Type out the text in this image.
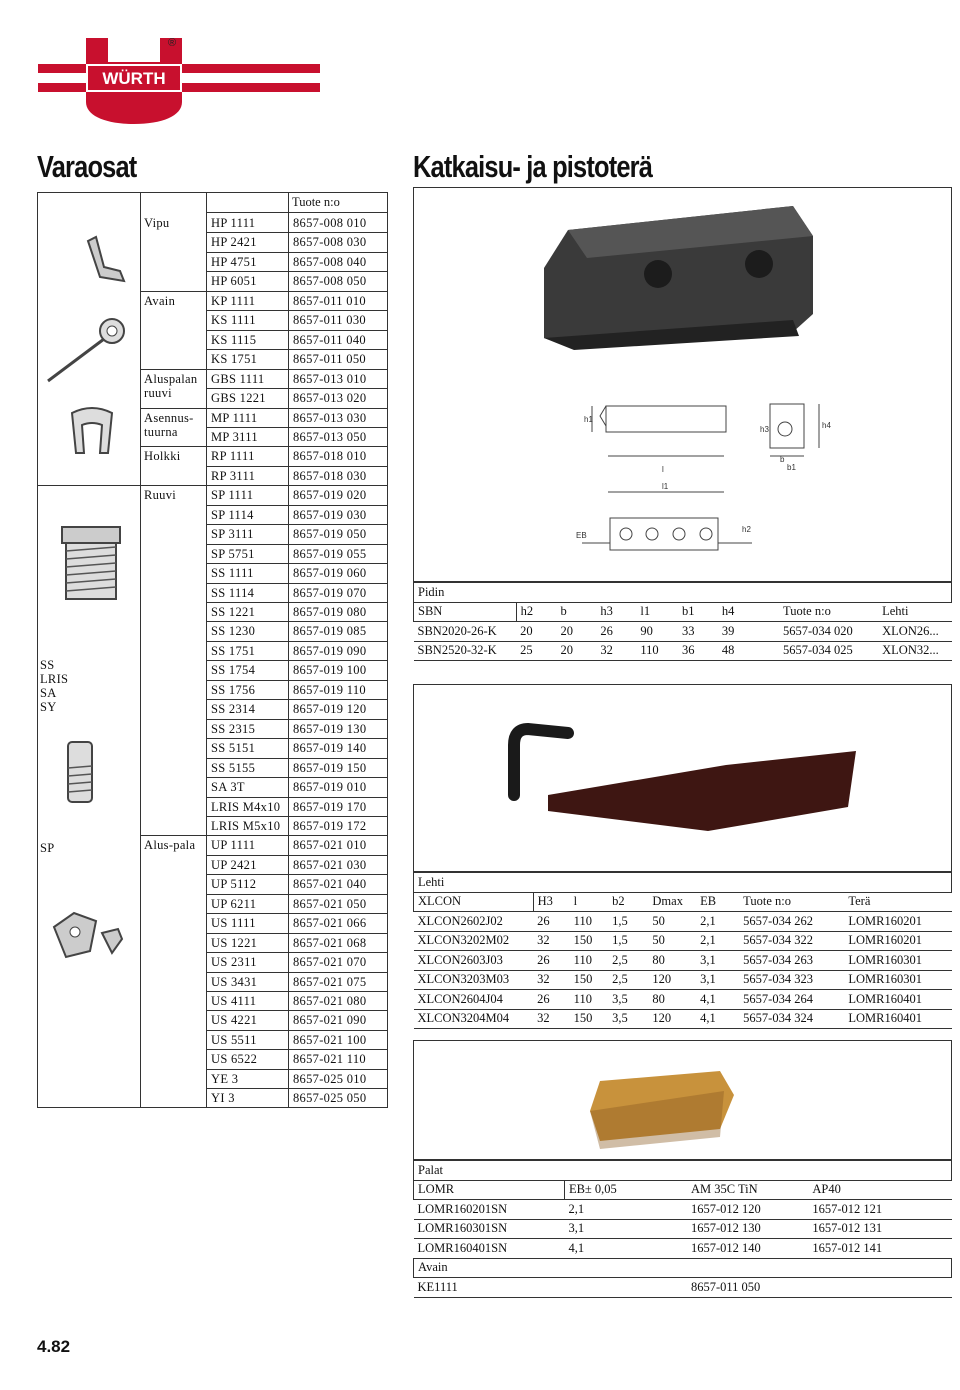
WÜRTH
®
Varaosat	Katkaisu- ja pistoterä
Tuote n:o
SS LRIS SA SY
SP
Vipu	HP 1111	8657-008 010
HP 2421	8657-008 030
HP 4751	8657-008 040
HP 6051	8657-008 050
Avain	KP 1111	8657-011 010
KS 1111	8657-011 030
KS 1115	8657-011 040
KS 1751	8657-011 050
Aluspalan ruuvi
GBS 1111 8657-013 010
GBS 1221 8657-013 020
Asennus-tuurna
MP 1111	8657-013 030
MP 3111	8657-013 050
Holkki	RP 1111	8657-018 010
RP 3111	8657-018 030
Ruuvi	SP 1111	8657-019 020
SP 1114	8657-019 030
SP 3111	8657-019 050
SP 5751	8657-019 055
SS 1111	8657-019 060
SS 1114	8657-019 070
SS 1221	8657-019 080
SS 1230	8657-019 085
SS 1751	8657-019 090
SS 1754	8657-019 100
SS 1756	8657-019 110
SS 2314	8657-019 120
SS 2315	8657-019 130
SS 5151	8657-019 140
SS 5155	8657-019 150
SA 3T	8657-019 010
LRIS M4x10 8657-019 170
LRIS M5x10 8657-019 172
Alus-pala	UP 1111	8657-021 010
UP 2421	8657-021 030
UP 5112	8657-021 040
UP 6211	8657-021 050
US 1111	8657-021 066
US 1221	8657-021 068
US 2311	8657-021 070
US 3431	8657-021 075
US 4111	8657-021 080
US 4221	8657-021 090
US 5511	8657-021 100
US 6522	8657-021 110
YE 3	8657-025 010
YI 3	8657-025 050
h1
l
l1
EB
h2
h3	h4
b
b1
Pidin								
SBN	h2	b	h3	l1	b1	h4	Tuote n:o	Lehti
SBN2020-26-K	20	20	26	90	33	39	5657-034 020	XLON26...
SBN2520-32-K	25	20	32	110	36	48	5657-034 025	XLON32...
Lehti							
XLCON	H3	l	b2	Dmax	EB	Tuote n:o	Terä
XLCON2602J02	26	110	1,5	50	2,1	5657-034 262	LOMR160201
XLCON3202M02	32	150	1,5	50	2,1	5657-034 322	LOMR160201
XLCON2603J03	26	110	2,5	80	3,1	5657-034 263	LOMR160301
XLCON3203M03	32	150	2,5	120	3,1	5657-034 323	LOMR160301
XLCON2604J04	26	110	3,5	80	4,1	5657-034 264	LOMR160401
XLCON3204M04	32	150	3,5	120	4,1	5657-034 324	LOMR160401
Palat			
LOMR	EB± 0,05	AM 35C TiN	AP40
LOMR160201SN	2,1	1657-012 120	1657-012 121
LOMR160301SN	3,1	1657-012 130	1657-012 131
LOMR160401SN	4,1	1657-012 140	1657-012 141
Avain			
KE1111		8657-011 050	
4.82
